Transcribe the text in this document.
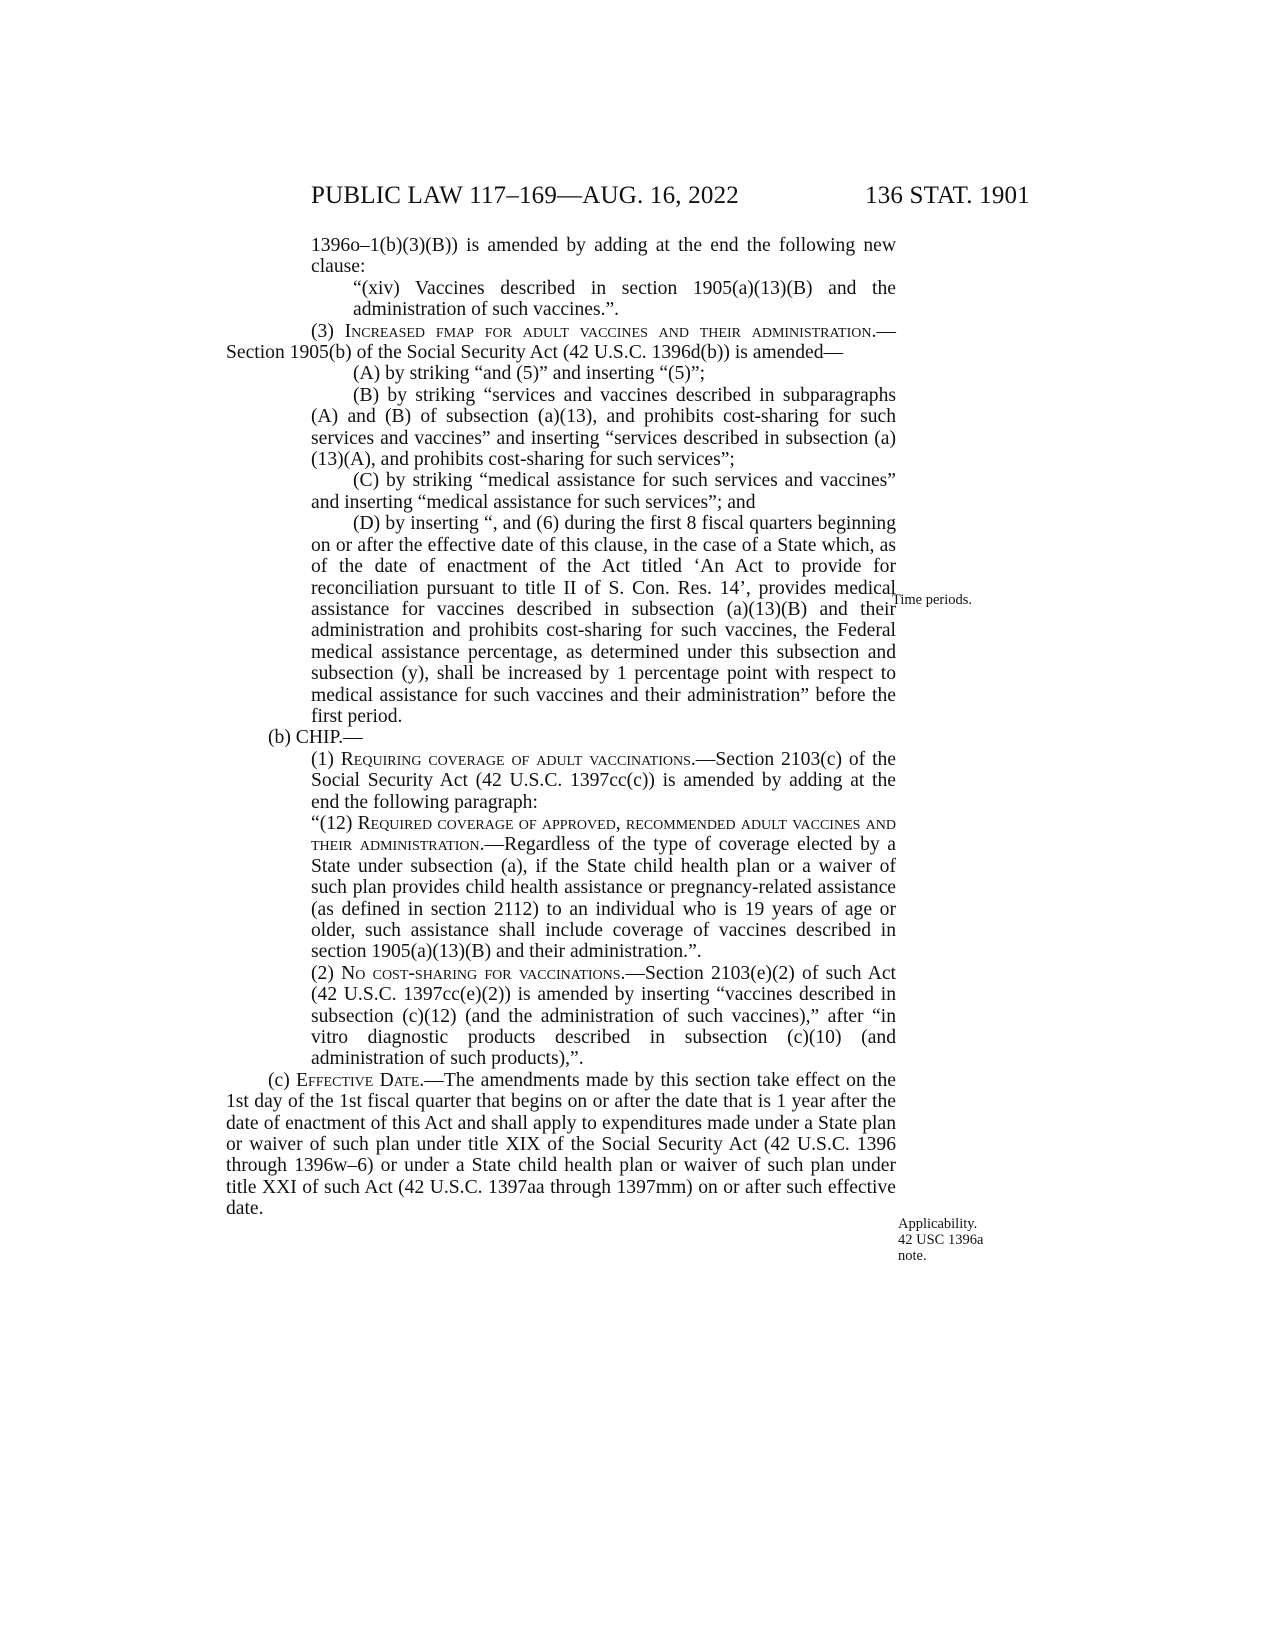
PUBLIC LAW 117–169—AUG. 16, 2022	136 STAT. 1901

1396o–1(b)(3)(B)) is amended by adding at the end the following new clause:

“(xiv) Vaccines described in section 1905(a)(13)(B) and the administration of such vaccines.”.

(3) Increased fmap for adult vaccines and their administration.—Section 1905(b) of the Social Security Act (42 U.S.C. 1396d(b)) is amended—

(A) by striking “and (5)” and inserting “(5)”;

(B) by striking “services and vaccines described in subparagraphs (A) and (B) of subsection (a)(13), and prohibits cost-sharing for such services and vaccines” and inserting “services described in subsection (a)(13)(A), and prohibits cost-sharing for such services”;

(C) by striking “medical assistance for such services and vaccines” and inserting “medical assistance for such services”; and

(D) by inserting “, and (6) during the first 8 fiscal quarters beginning on or after the effective date of this clause, in the case of a State which, as of the date of enactment of the Act titled ‘An Act to provide for reconciliation pursuant to title II of S. Con. Res. 14’, provides medical assistance for vaccines described in subsection (a)(13)(B) and their administration and prohibits cost-sharing for such vaccines, the Federal medical assistance percentage, as determined under this subsection and subsection (y), shall be increased by 1 percentage point with respect to medical assistance for such vaccines and their administration” before the first period.

(b) CHIP.—

(1) Requiring coverage of adult vaccinations.—Section 2103(c) of the Social Security Act (42 U.S.C. 1397cc(c)) is amended by adding at the end the following paragraph:

“(12) Required coverage of approved, recommended adult vaccines and their administration.—Regardless of the type of coverage elected by a State under subsection (a), if the State child health plan or a waiver of such plan provides child health assistance or pregnancy-related assistance (as defined in section 2112) to an individual who is 19 years of age or older, such assistance shall include coverage of vaccines described in section 1905(a)(13)(B) and their administration.”.

(2) No cost-sharing for vaccinations.—Section 2103(e)(2) of such Act (42 U.S.C. 1397cc(e)(2)) is amended by inserting “vaccines described in subsection (c)(12) (and the administration of such vaccines),” after “in vitro diagnostic products described in subsection (c)(10) (and administration of such products),”.

(c) Effective Date.—The amendments made by this section take effect on the 1st day of the 1st fiscal quarter that begins on or after the date that is 1 year after the date of enactment of this Act and shall apply to expenditures made under a State plan or waiver of such plan under title XIX of the Social Security Act (42 U.S.C. 1396 through 1396w–6) or under a State child health plan or waiver of such plan under title XXI of such Act (42 U.S.C. 1397aa through 1397mm) on or after such effective date.

Time periods.
Applicability.
42 USC 1396a
note.
